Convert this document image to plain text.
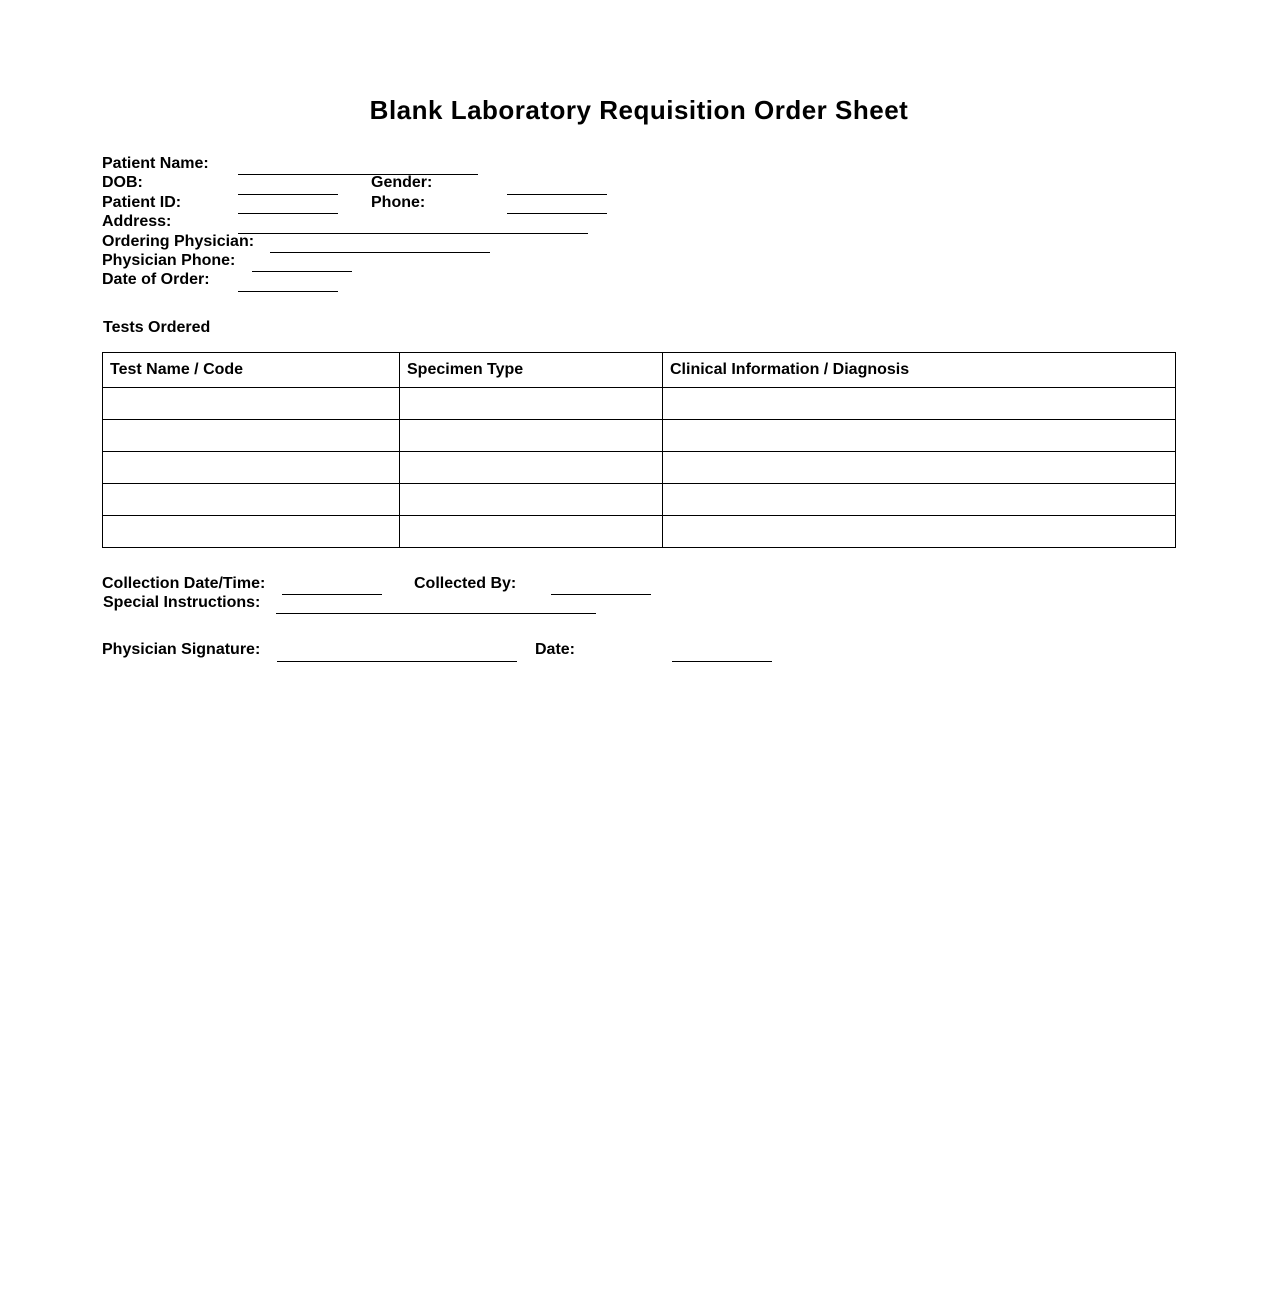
Blank Laboratory Requisition Order Sheet
Patient Name:
DOB:	Gender:
Patient ID:	Phone:
Address:
Ordering Physician:
Physician Phone:
Date of Order:
Tests Ordered
Test Name / Code	Specimen Type	Clinical Information / Diagnosis

Collection Date/Time:	Collected By:
Special Instructions:
Physician Signature:	Date:
